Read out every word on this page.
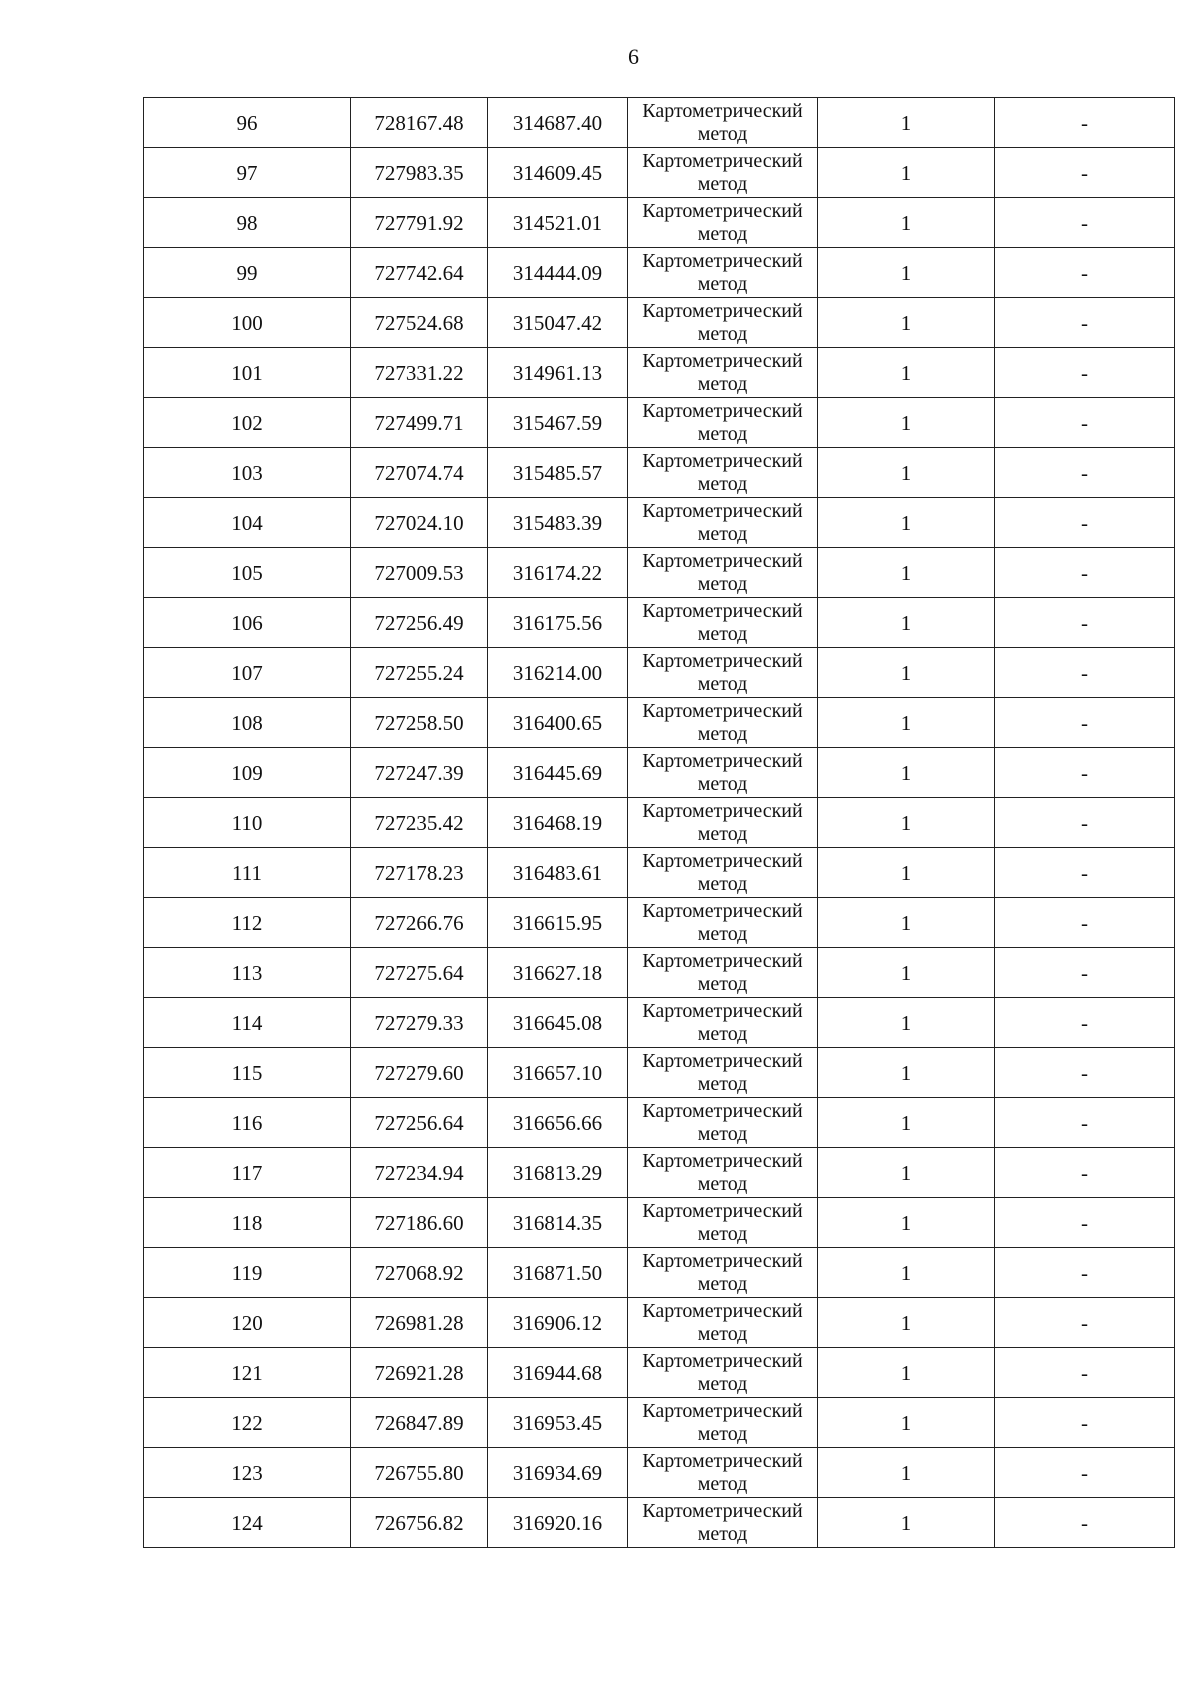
6
96	728167.48	314687.40	Картометрический
метод	1	-
97	727983.35	314609.45	Картометрический
метод	1	-
98	727791.92	314521.01	Картометрический
метод	1	-
99	727742.64	314444.09	Картометрический
метод	1	-
100	727524.68	315047.42	Картометрический
метод	1	-
101	727331.22	314961.13	Картометрический
метод	1	-
102	727499.71	315467.59	Картометрический
метод	1	-
103	727074.74	315485.57	Картометрический
метод	1	-
104	727024.10	315483.39	Картометрический
метод	1	-
105	727009.53	316174.22	Картометрический
метод	1	-
106	727256.49	316175.56	Картометрический
метод	1	-
107	727255.24	316214.00	Картометрический
метод	1	-
108	727258.50	316400.65	Картометрический
метод	1	-
109	727247.39	316445.69	Картометрический
метод	1	-
110	727235.42	316468.19	Картометрический
метод	1	-
111	727178.23	316483.61	Картометрический
метод	1	-
112	727266.76	316615.95	Картометрический
метод	1	-
113	727275.64	316627.18	Картометрический
метод	1	-
114	727279.33	316645.08	Картометрический
метод	1	-
115	727279.60	316657.10	Картометрический
метод	1	-
116	727256.64	316656.66	Картометрический
метод	1	-
117	727234.94	316813.29	Картометрический
метод	1	-
118	727186.60	316814.35	Картометрический
метод	1	-
119	727068.92	316871.50	Картометрический
метод	1	-
120	726981.28	316906.12	Картометрический
метод	1	-
121	726921.28	316944.68	Картометрический
метод	1	-
122	726847.89	316953.45	Картометрический
метод	1	-
123	726755.80	316934.69	Картометрический
метод	1	-
124	726756.82	316920.16	Картометрический
метод	1	-
